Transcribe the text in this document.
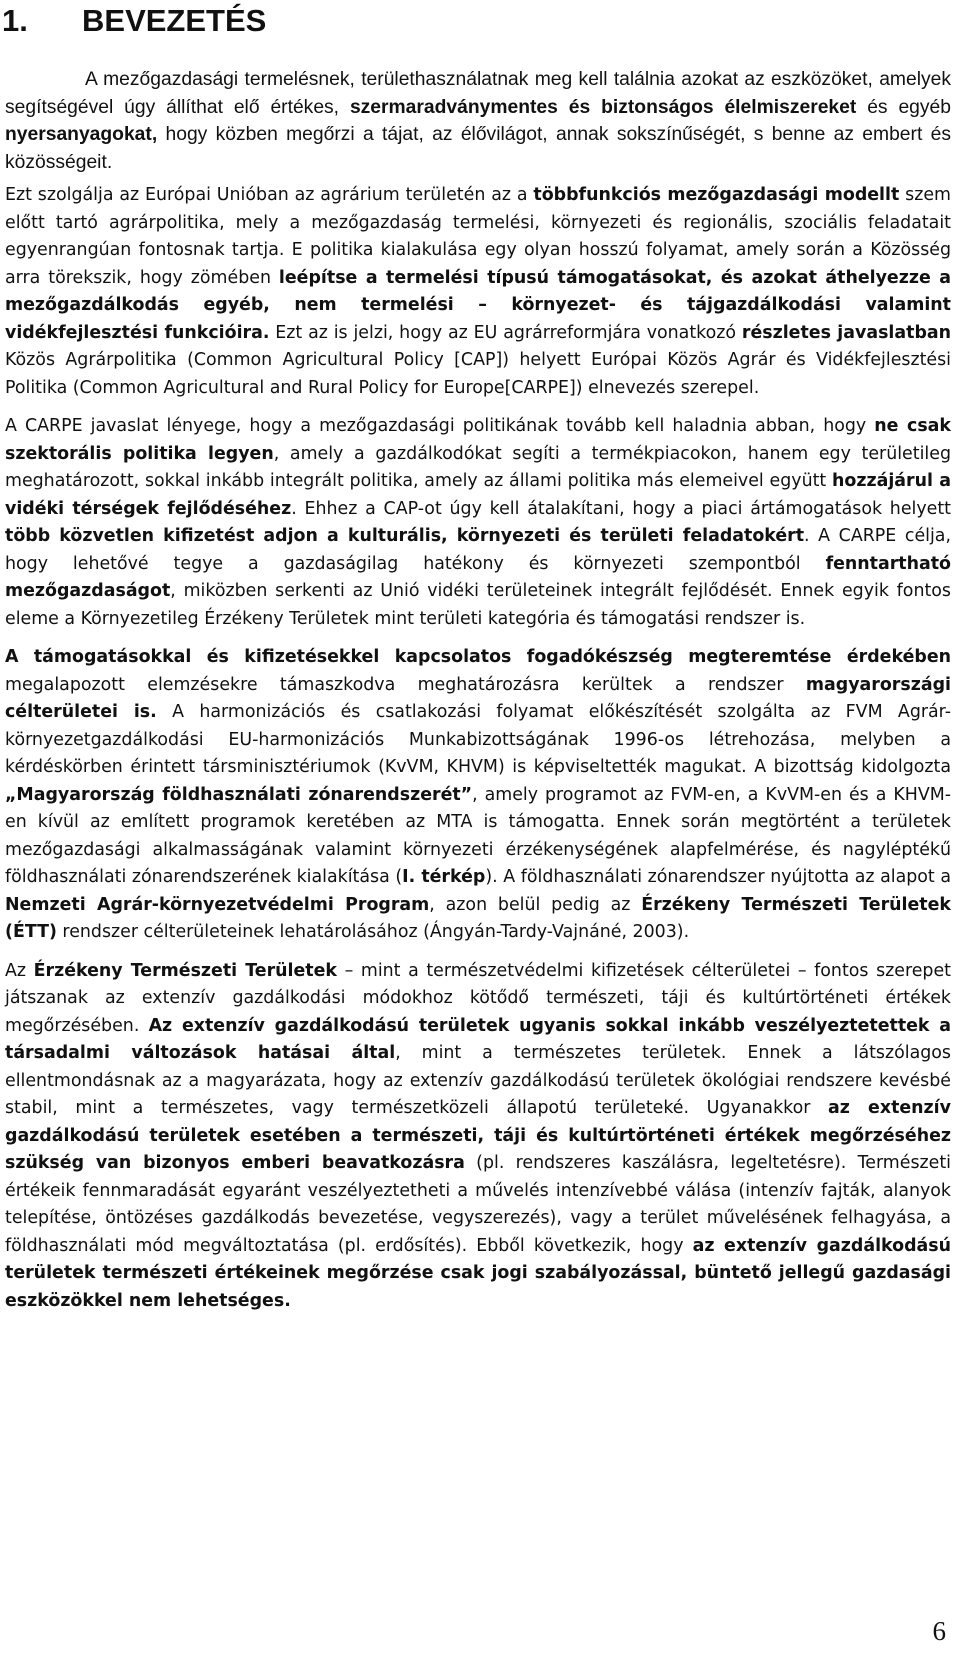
1. BEVEZETÉS

A mezőgazdasági termelésnek, területhasználatnak meg kell találnia azokat az eszközöket, amelyek segítségével úgy állíthat elő értékes, szermaradványmentes és biztonságos élelmiszereket és egyéb nyersanyagokat, hogy közben megőrzi a tájat, az élővilágot, annak sokszínűségét, s benne az embert és közösségeit.

Ezt szolgálja az Európai Unióban az agrárium területén az a többfunkciós mezőgazdasági modellt szem előtt tartó agrárpolitika, mely a mezőgazdaság termelési, környezeti és regionális, szociális feladatait egyenrangúan fontosnak tartja. E politika kialakulása egy olyan hosszú folyamat, amely során a Közösség arra törekszik, hogy zömében leépítse a termelési típusú támogatásokat, és azokat áthelyezze a mezőgazdálkodás egyéb, nem termelési – környezet- és tájgazdálkodási valamint vidékfejlesztési funkcióira. Ezt az is jelzi, hogy az EU agrárreformjára vonatkozó részletes javaslatban Közös Agrárpolitika (Common Agricultural Policy [CAP]) helyett Európai Közös Agrár és Vidékfejlesztési Politika (Common Agricultural and Rural Policy for Europe[CARPE]) elnevezés szerepel.

A CARPE javaslat lényege, hogy a mezőgazdasági politikának tovább kell haladnia abban, hogy ne csak szektorális politika legyen, amely a gazdálkodókat segíti a termékpiacokon, hanem egy területileg meghatározott, sokkal inkább integrált politika, amely az állami politika más elemeivel együtt hozzájárul a vidéki térségek fejlődéséhez. Ehhez a CAP-ot úgy kell átalakítani, hogy a piaci ártámogatások helyett több közvetlen kifizetést adjon a kulturális, környezeti és területi feladatokért. A CARPE célja, hogy lehetővé tegye a gazdaságilag hatékony és környezeti szempontból fenntartható mezőgazdaságot, miközben serkenti az Unió vidéki területeinek integrált fejlődését. Ennek egyik fontos eleme a Környezetileg Érzékeny Területek mint területi kategória és támogatási rendszer is.

A támogatásokkal és kifizetésekkel kapcsolatos fogadókészség megteremtése érdekében megalapozott elemzésekre támaszkodva meghatározásra kerültek a rendszer magyarországi célterületei is. A harmonizációs és csatlakozási folyamat előkészítését szolgálta az FVM Agrár-környezetgazdálkodási EU-harmonizációs Munkabizottságának 1996-os létrehozása, melyben a kérdéskörben érintett társminisztériumok (KvVM, KHVM) is képviseltették magukat. A bizottság kidolgozta „Magyarország földhasználati zónarendszerét”, amely programot az FVM-en, a KvVM-en és a KHVM-en kívül az említett programok keretében az MTA is támogatta. Ennek során megtörtént a területek mezőgazdasági alkalmasságának valamint környezeti érzékenységének alapfelmérése, és nagyléptékű földhasználati zónarendszerének kialakítása (I. térkép). A földhasználati zónarendszer nyújtotta az alapot a Nemzeti Agrár-környezetvédelmi Program, azon belül pedig az Érzékeny Természeti Területek (ÉTT) rendszer célterületeinek lehatárolásához (Ángyán-Tardy-Vajnáné, 2003).

Az Érzékeny Természeti Területek – mint a természetvédelmi kifizetések célterületei – fontos szerepet játszanak az extenzív gazdálkodási módokhoz kötődő természeti, táji és kultúrtörténeti értékek megőrzésében. Az extenzív gazdálkodású területek ugyanis sokkal inkább veszélyeztetettek a társadalmi változások hatásai által, mint a természetes területek. Ennek a látszólagos ellentmondásnak az a magyarázata, hogy az extenzív gazdálkodású területek ökológiai rendszere kevésbé stabil, mint a természetes, vagy természetközeli állapotú területeké. Ugyanakkor az extenzív gazdálkodású területek esetében a természeti, táji és kultúrtörténeti értékek megőrzéséhez szükség van bizonyos emberi beavatkozásra (pl. rendszeres kaszálásra, legeltetésre). Természeti értékeik fennmaradását egyaránt veszélyeztetheti a művelés intenzívebbé válása (intenzív fajták, alanyok telepítése, öntözéses gazdálkodás bevezetése, vegyszerezés), vagy a terület művelésének felhagyása, a földhasználati mód megváltoztatása (pl. erdősítés). Ebből következik, hogy az extenzív gazdálkodású területek természeti értékeinek megőrzése csak jogi szabályozással, büntető jellegű gazdasági eszközökkel nem lehetséges.

6
